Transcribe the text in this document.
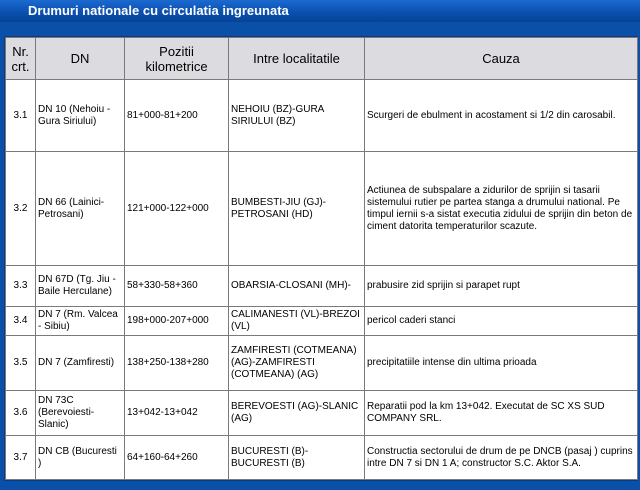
Drumuri nationale cu circulatia ingreunata
Nr. crt.	DN	Pozitii kilometrice	Intre localitatile	Cauza
3.1	DN 10 (Nehoiu - Gura Siriului)	81+000-81+200	NEHOIU (BZ)-GURA SIRIULUI (BZ)	Scurgeri de ebulment in acostament si 1/2 din carosabil.
3.2	DN 66 (Lainici-Petrosani)	121+000-122+000	BUMBESTI-JIU (GJ)-PETROSANI (HD)	Actiunea de subspalare a zidurilor de sprijin si tasarii sistemului rutier pe partea stanga a drumului national. Pe timpul iernii s-a sistat executia zidului de sprijin din beton de ciment datorita temperaturilor scazute.
3.3	DN 67D (Tg. Jiu - Baile Herculane)	58+330-58+360	OBARSIA-CLOSANI (MH)-	prabusire zid sprijin si parapet rupt
3.4	DN 7 (Rm. Valcea - Sibiu)	198+000-207+000	CALIMANESTI (VL)-BREZOI (VL)	pericol caderi stanci
3.5	DN 7 (Zamfiresti)	138+250-138+280	ZAMFIRESTI (COTMEANA) (AG)-ZAMFIRESTI (COTMEANA) (AG)	precipitatiile intense din ultima prioada
3.6	DN 73C (Berevoiesti-Slanic)	13+042-13+042	BEREVOESTI (AG)-SLANIC (AG)	Reparatii pod la km 13+042. Executat de SC XS SUD COMPANY SRL.
3.7	DN CB (Bucuresti )	64+160-64+260	BUCURESTI (B)-BUCURESTI (B)	Constructia sectorului de drum de pe DNCB (pasaj ) cuprins intre DN 7 si DN 1 A; constructor S.C. Aktor S.A.
